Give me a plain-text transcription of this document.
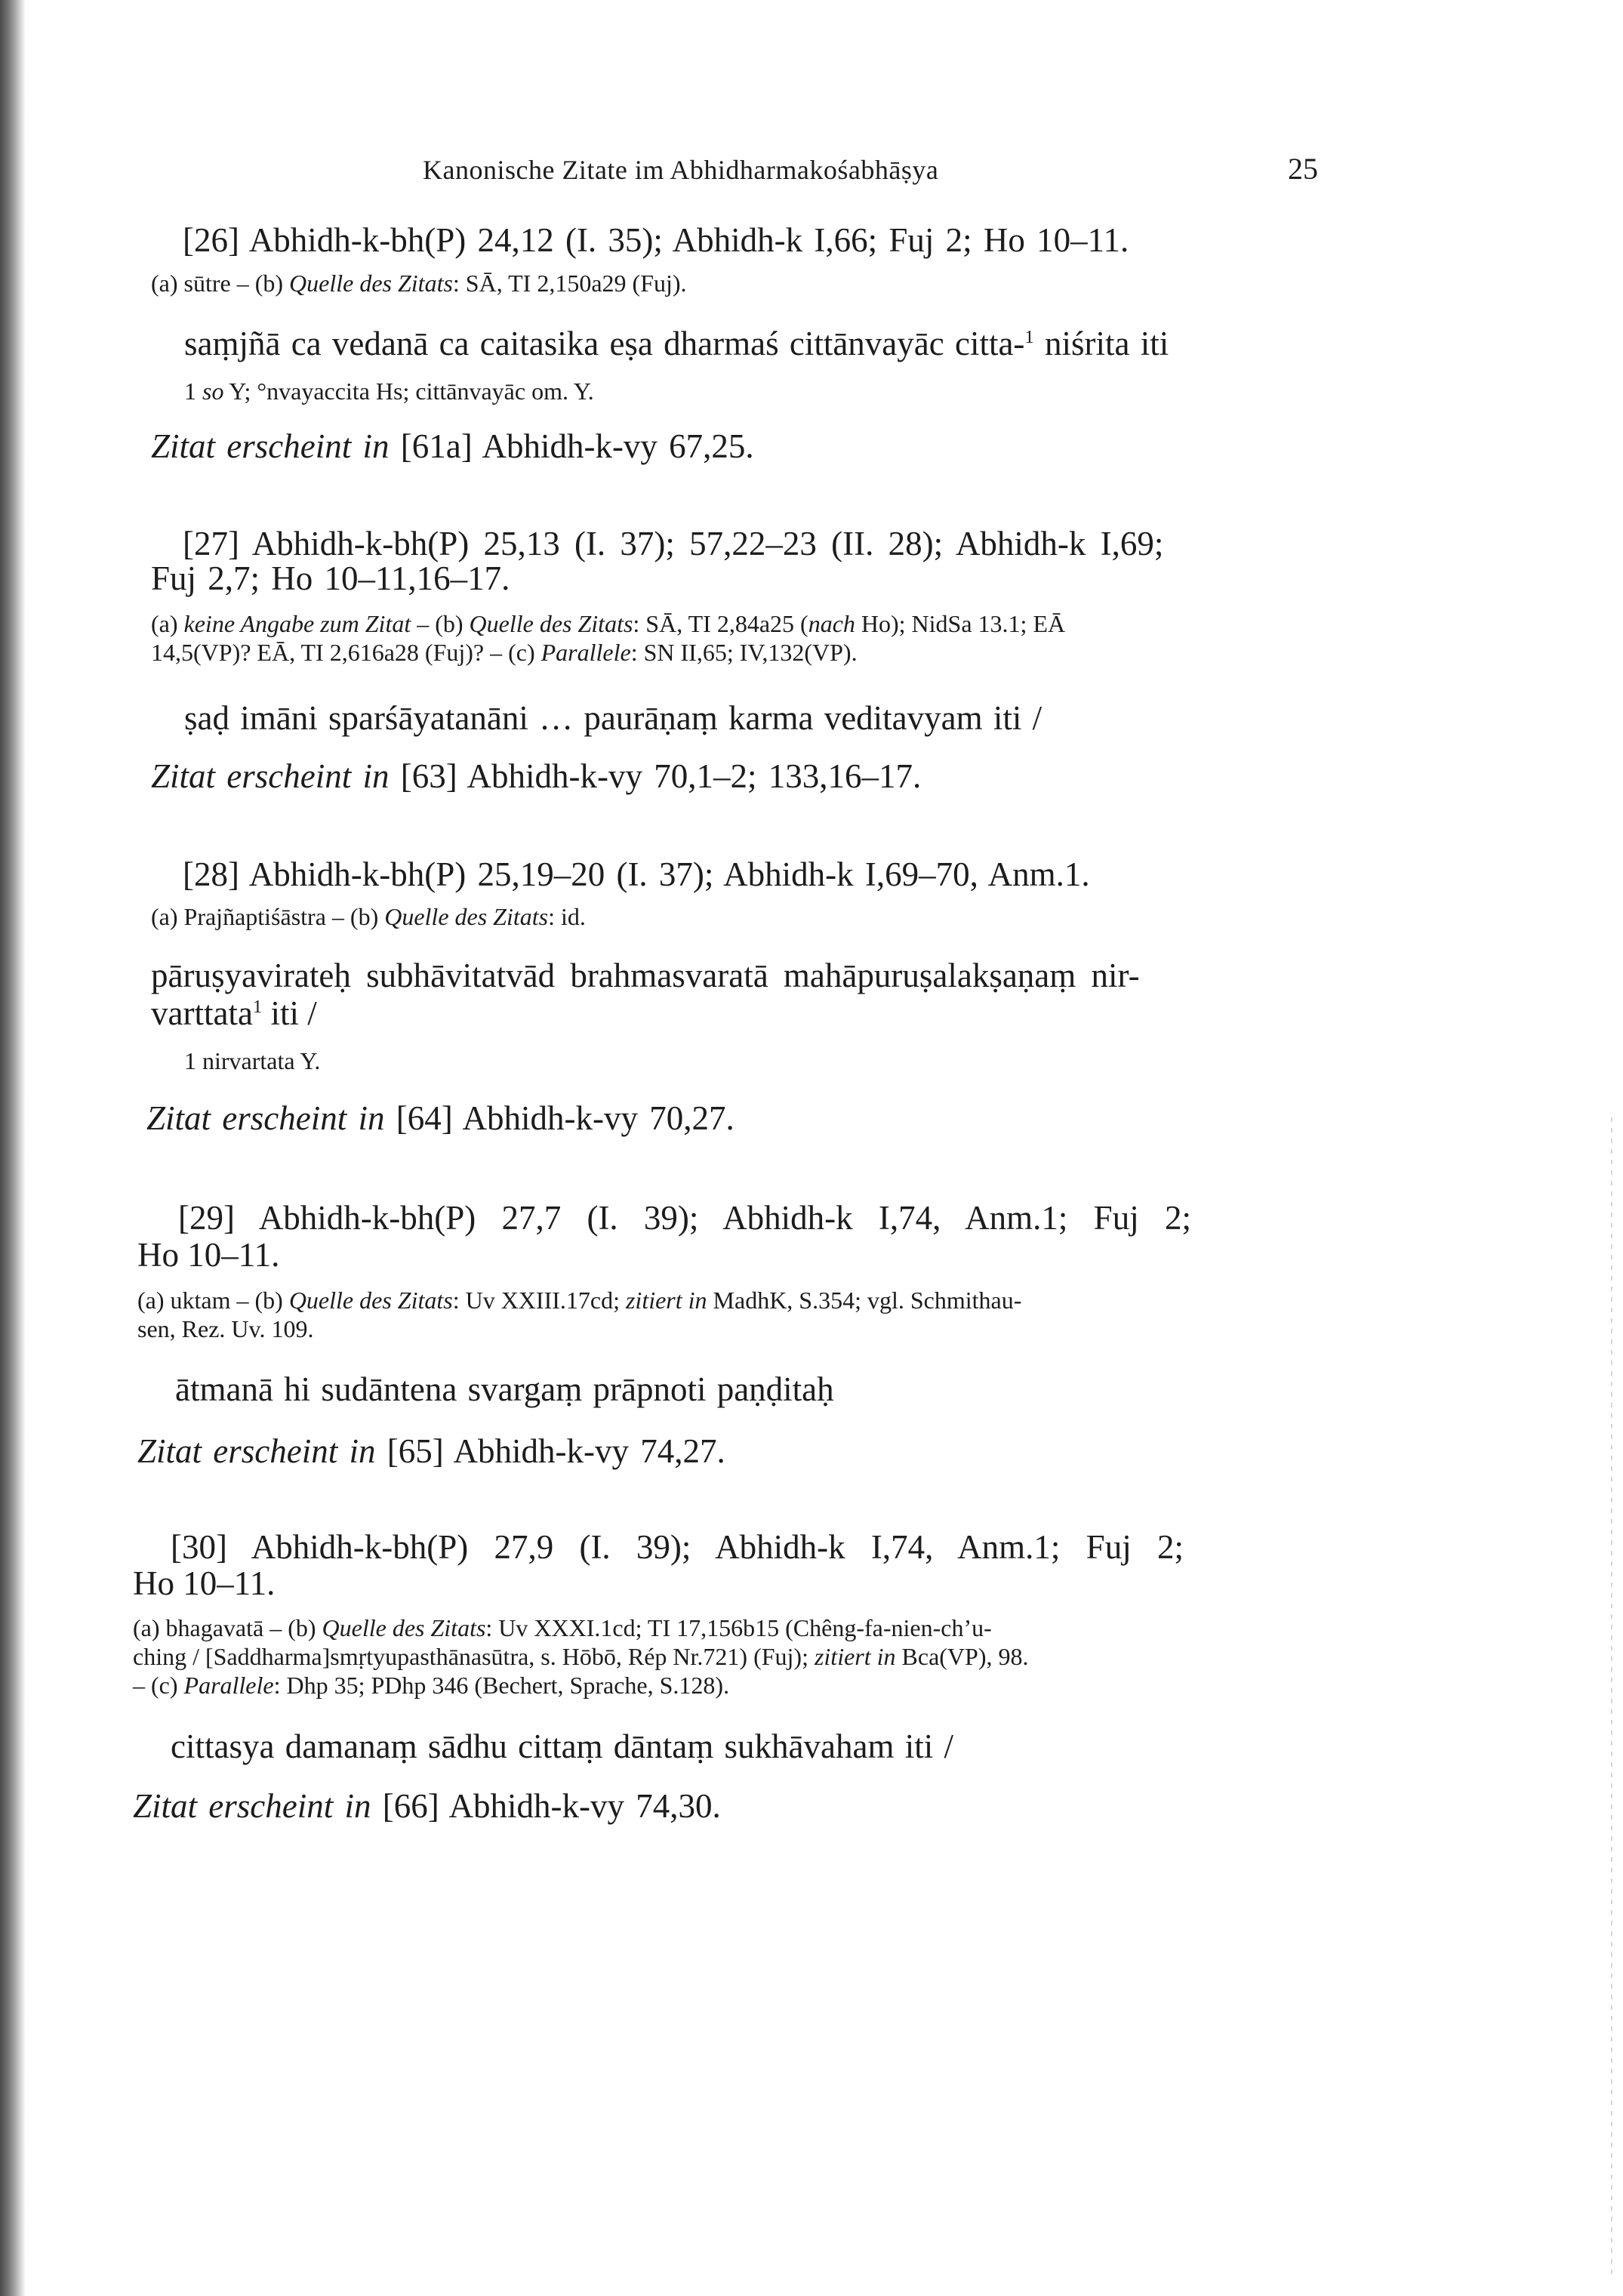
Kanonische Zitate im Abhidharmakośabhāṣya	25
[26] Abhidh-k-bh(P) 24,12 (I. 35); Abhidh-k I,66; Fuj 2; Ho 10–11.
(a) sūtre – (b) Quelle des Zitats: SĀ, TI 2,150a29 (Fuj).
saṃjñā ca vedanā ca caitasika eṣa dharmaś cittānvayāc citta-$^1$ niśrita iti
1 so Y; °nvayaccita Hs; cittānvayāc om. Y.
Zitat erscheint in [61a] Abhidh-k-vy 67,25.
[27] Abhidh-k-bh(P) 25,13 (I. 37); 57,22–23 (II. 28); Abhidh-k I,69;
Fuj 2,7; Ho 10–11,16–17.
(a) keine Angabe zum Zitat – (b) Quelle des Zitats: SĀ, TI 2,84a25 (nach Ho); NidSa 13.1; EĀ
14,5(VP)? EĀ, TI 2,616a28 (Fuj)? – (c) Parallele: SN II,65; IV,132(VP).
ṣaḍ imāni sparśāyatanāni … paurāṇaṃ karma veditavyam iti /
Zitat erscheint in [63] Abhidh-k-vy 70,1–2; 133,16–17.
[28] Abhidh-k-bh(P) 25,19–20 (I. 37); Abhidh-k I,69–70, Anm.1.
(a) Prajñaptiśāstra – (b) Quelle des Zitats: id.
pāruṣyavirateḥ subhāvitatvād brahmasvaratā mahāpuruṣalakṣaṇaṃ nir-
varttata$^1$ iti /
1 nirvartata Y.
Zitat erscheint in [64] Abhidh-k-vy 70,27.
[29] Abhidh-k-bh(P) 27,7 (I. 39); Abhidh-k I,74, Anm.1; Fuj 2;
Ho 10–11.
(a) uktam – (b) Quelle des Zitats: Uv XXIII.17cd; zitiert in MadhK, S.354; vgl. Schmithau-
sen, Rez. Uv. 109.
ātmanā hi sudāntena svargaṃ prāpnoti paṇḍitaḥ
Zitat erscheint in [65] Abhidh-k-vy 74,27.
[30] Abhidh-k-bh(P) 27,9 (I. 39); Abhidh-k I,74, Anm.1; Fuj 2;
Ho 10–11.
(a) bhagavatā – (b) Quelle des Zitats: Uv XXXI.1cd; TI 17,156b15 (Chêng-fa-nien-ch’u-
ching / [Saddharma]smṛtyupasthānasūtra, s. Hōbō, Rép Nr.721) (Fuj); zitiert in Bca(VP), 98.
– (c) Parallele: Dhp 35; PDhp 346 (Bechert, Sprache, S.128).
cittasya damanaṃ sādhu cittaṃ dāntaṃ sukhāvaham iti /
Zitat erscheint in [66] Abhidh-k-vy 74,30.
